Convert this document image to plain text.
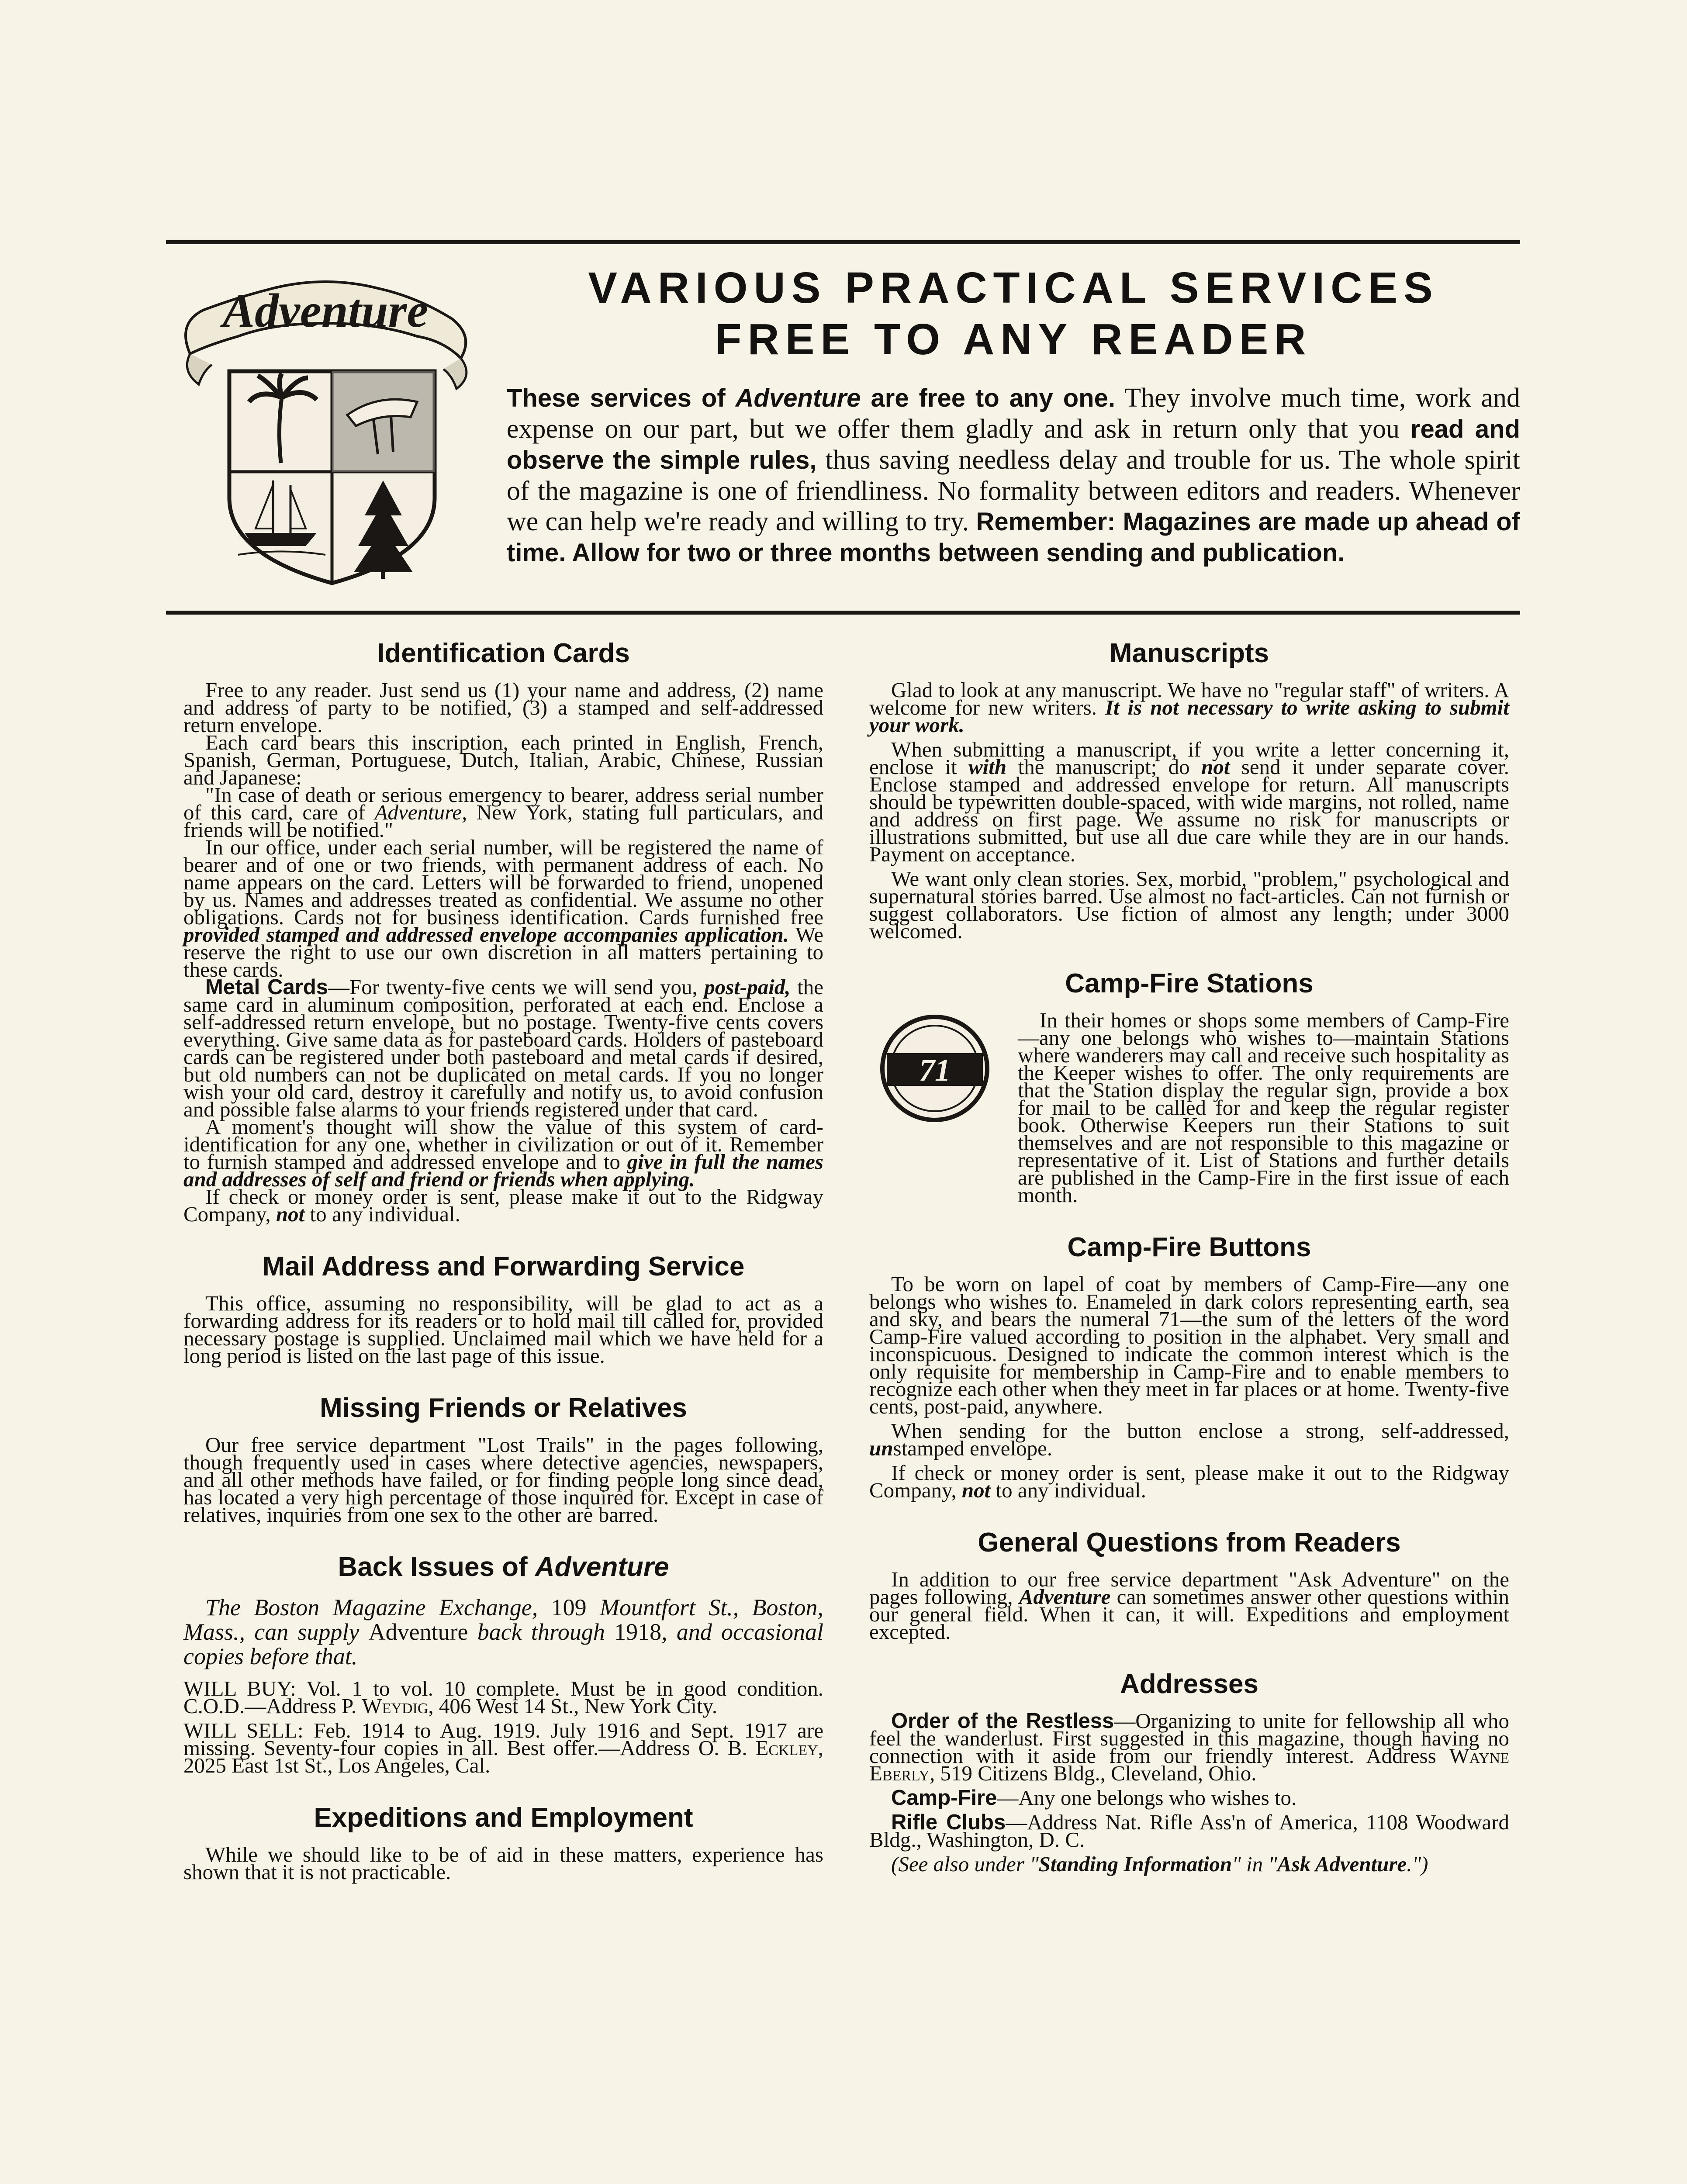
Adventure	VARIOUS PRACTICAL SERVICES
FREE TO ANY READER
These services of Adventure are free to any one. They involve much time, work and expense on our part, but we offer them gladly and ask in return only that you read and observe the simple rules, thus saving needless delay and trouble for us. The whole spirit of the magazine is one of friendliness. No formality between editors and readers. Whenever we can help we're ready and willing to try. Remember: Magazines are made up ahead of time. Allow for two or three months between sending and publication.
Identification Cards

Free to any reader. Just send us (1) your name and address, (2) name and address of party to be notified, (3) a stamped and self-addressed return envelope.

Each card bears this inscription, each printed in English, French, Spanish, German, Portuguese, Dutch, Italian, Arabic, Chinese, Russian and Japanese:

"In case of death or serious emergency to bearer, address serial number of this card, care of Adventure, New York, stating full particulars, and friends will be notified."

In our office, under each serial number, will be registered the name of bearer and of one or two friends, with permanent address of each. No name appears on the card. Letters will be forwarded to friend, unopened by us. Names and addresses treated as confidential. We assume no other obligations. Cards not for business identification. Cards furnished free provided stamped and addressed envelope accompanies application. We reserve the right to use our own discretion in all matters pertaining to these cards.

Metal Cards—For twenty-five cents we will send you, post-paid, the same card in aluminum composition, perforated at each end. Enclose a self-addressed return envelope, but no postage. Twenty-five cents covers everything. Give same data as for pasteboard cards. Holders of pasteboard cards can be registered under both pasteboard and metal cards if desired, but old numbers can not be duplicated on metal cards. If you no longer wish your old card, destroy it carefully and notify us, to avoid confusion and possible false alarms to your friends registered under that card.

A moment's thought will show the value of this system of card-identification for any one, whether in civilization or out of it. Remember to furnish stamped and addressed envelope and to give in full the names and addresses of self and friend or friends when applying.

If check or money order is sent, please make it out to the Ridgway Company, not to any individual.

Mail Address and Forwarding Service

This office, assuming no responsibility, will be glad to act as a forwarding address for its readers or to hold mail till called for, provided necessary postage is supplied. Unclaimed mail which we have held for a long period is listed on the last page of this issue.

Missing Friends or Relatives

Our free service department "Lost Trails" in the pages following, though frequently used in cases where detective agencies, newspapers, and all other methods have failed, or for finding people long since dead, has located a very high percentage of those inquired for. Except in case of relatives, inquiries from one sex to the other are barred.

Back Issues of Adventure

The Boston Magazine Exchange, 109 Mountfort St., Boston, Mass., can supply Adventure back through 1918, and occasional copies before that.

WILL BUY: Vol. 1 to vol. 10 complete. Must be in good condition. C.O.D.—Address P. Weydig, 406 West 14 St., New York City.

WILL SELL: Feb. 1914 to Aug. 1919. July 1916 and Sept. 1917 are missing. Seventy-four copies in all. Best offer.—Address O. B. Eckley, 2025 East 1st St., Los Angeles, Cal.

Expeditions and Employment

While we should like to be of aid in these matters, experience has shown that it is not practicable.

Manuscripts

Glad to look at any manuscript. We have no "regular staff" of writers. A welcome for new writers. It is not necessary to write asking to submit your work.

When submitting a manuscript, if you write a letter concerning it, enclose it with the manuscript; do not send it under separate cover. Enclose stamped and addressed envelope for return. All manuscripts should be typewritten double-spaced, with wide margins, not rolled, name and address on first page. We assume no risk for manuscripts or illustrations submitted, but use all due care while they are in our hands. Payment on acceptance.

We want only clean stories. Sex, morbid, "problem," psychological and supernatural stories barred. Use almost no fact-articles. Can not furnish or suggest collaborators. Use fiction of almost any length; under 3000 welcomed.

Camp-Fire Stations
71

In their homes or shops some members of Camp-Fire—any one belongs who wishes to—maintain Stations where wanderers may call and receive such hospitality as the Keeper wishes to offer. The only requirements are that the Station display the regular sign, provide a box for mail to be called for and keep the regular register book. Otherwise Keepers run their Stations to suit themselves and are not responsible to this magazine or representative of it. List of Stations and further details are published in the Camp-Fire in the first issue of each month.

Camp-Fire Buttons

To be worn on lapel of coat by members of Camp-Fire—any one belongs who wishes to. Enameled in dark colors representing earth, sea and sky, and bears the numeral 71—the sum of the letters of the word Camp-Fire valued according to position in the alphabet. Very small and inconspicuous. Designed to indicate the common interest which is the only requisite for membership in Camp-Fire and to enable members to recognize each other when they meet in far places or at home. Twenty-five cents, post-paid, anywhere.

When sending for the button enclose a strong, self-addressed, unstamped envelope.

If check or money order is sent, please make it out to the Ridgway Company, not to any individual.

General Questions from Readers

In addition to our free service department "Ask Adventure" on the pages following, Adventure can sometimes answer other questions within our general field. When it can, it will. Expeditions and employment excepted.

Addresses

Order of the Restless—Organizing to unite for fellowship all who feel the wanderlust. First suggested in this magazine, though having no connection with it aside from our friendly interest. Address Wayne Eberly, 519 Citizens Bldg., Cleveland, Ohio.

Camp-Fire—Any one belongs who wishes to.

Rifle Clubs—Address Nat. Rifle Ass'n of America, 1108 Woodward Bldg., Washington, D. C.

(See also under "Standing Information" in "Ask Adventure.")
